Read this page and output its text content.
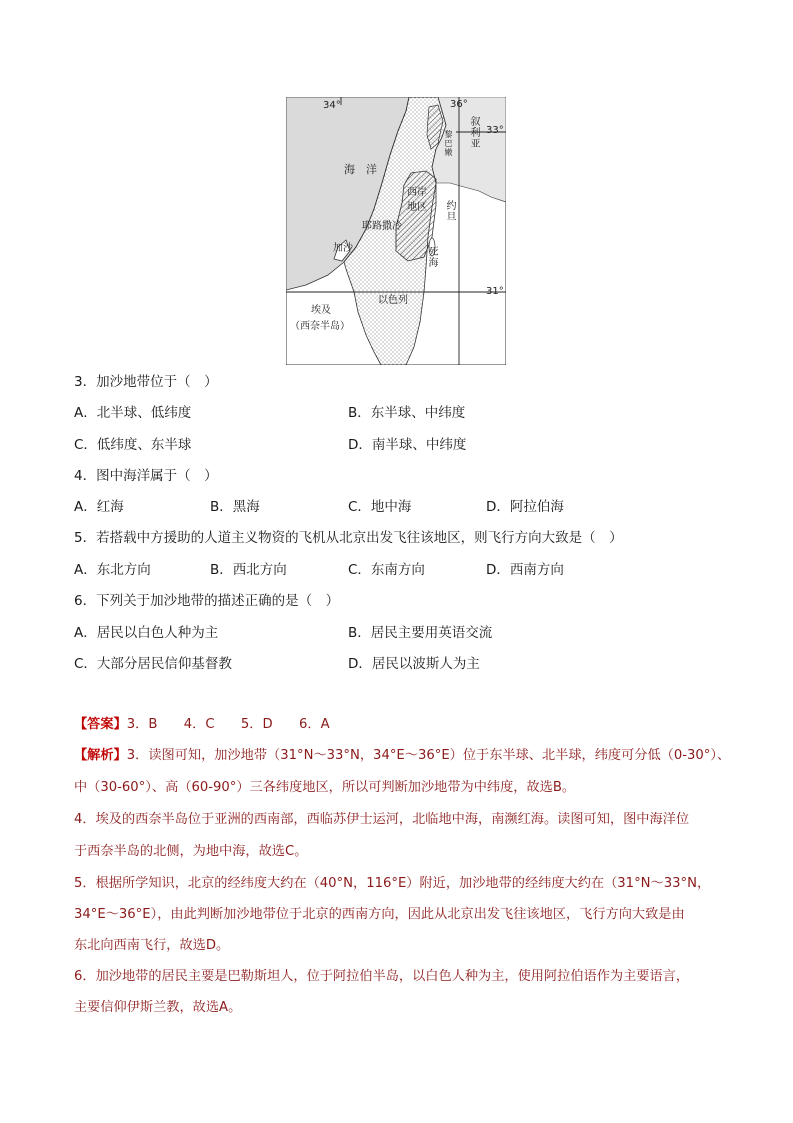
36°
33°
31°
34°
海　洋
叙利亚
黎巴嫩
西岸
地区 约旦
耶路撒冷
死海
加沙
埃及
（西奈半岛）
以色列
3．加沙地带位于（　）
A．北半球、低纬度	B．东半球、中纬度
C．低纬度、东半球	D．南半球、中纬度
4．图中海洋属于（　）
A．红海	B．黑海	C．地中海	D．阿拉伯海
5．若搭载中方援助的人道主义物资的飞机从北京出发飞往该地区，则飞行方向大致是（　）
A．东北方向	B．西北方向	C．东南方向	D．西南方向
6．下列关于加沙地带的描述正确的是（　）
A．居民以白色人种为主	B．居民主要用英语交流
C．大部分居民信仰基督教	D．居民以波斯人为主
【答案】3．B　　4．C　　5．D　　6．A
【解析】3．读图可知，加沙地带（31°N～33°N，34°E～36°E）位于东半球、北半球，纬度可分低（0-30°）、
中（30-60°）、高（60-90°）三各纬度地区，所以可判断加沙地带为中纬度，故选B。
4．埃及的西奈半岛位于亚洲的西南部，西临苏伊士运河，北临地中海，南濒红海。读图可知，图中海洋位
于西奈半岛的北侧，为地中海，故选C。
5．根据所学知识，北京的经纬度大约在（40°N，116°E）附近，加沙地带的经纬度大约在（31°N～33°N，
34°E～36°E），由此判断加沙地带位于北京的西南方向，因此从北京出发飞往该地区，飞行方向大致是由
东北向西南飞行，故选D。
6．加沙地带的居民主要是巴勒斯坦人，位于阿拉伯半岛，以白色人种为主，使用阿拉伯语作为主要语言，
主要信仰伊斯兰教，故选A。
